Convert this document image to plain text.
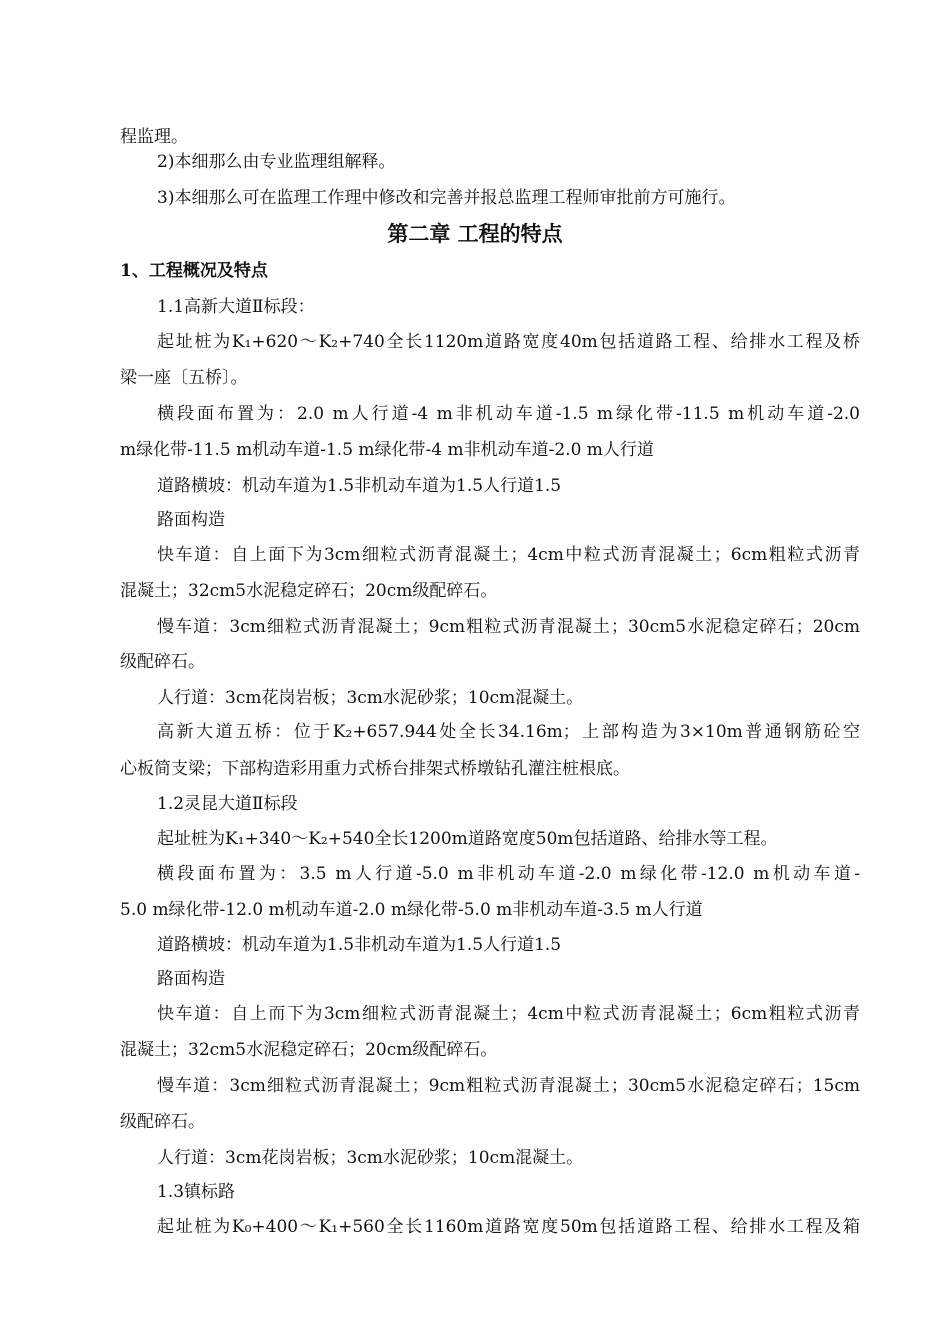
程监理。
2)本细那么由专业监理组解释。
3)本细那么可在监理工作理中修改和完善并报总监理工程师审批前方可施行。
第二章 工程的特点
1、工程概况及特点
1.1高新大道Ⅱ标段：
起址桩为K₁+620～K₂+740全长1120m道路宽度40m包括道路工程、给排水工程及桥
梁一座〔五桥〕。
横段面布置为：2.0 m人行道-4 m非机动车道-1.5 m绿化带-11.5 m机动车道-2.0
m绿化带-11.5 m机动车道-1.5 m绿化带-4 m非机动车道-2.0 m人行道
道路横坡：机动车道为1.5非机动车道为1.5人行道1.5
路面构造
快车道：自上面下为3cm细粒式沥青混凝土；4cm中粒式沥青混凝土；6cm粗粒式沥青
混凝土；32cm5水泥稳定碎石；20cm级配碎石。
慢车道：3cm细粒式沥青混凝土；9cm粗粒式沥青混凝土；30cm5水泥稳定碎石；20cm
级配碎石。
人行道：3cm花岗岩板；3cm水泥砂浆；10cm混凝土。
高新大道五桥：位于K₂+657.944处全长34.16m；上部构造为3×10m普通钢筋砼空
心板简支梁；下部构造彩用重力式桥台排架式桥墩钻孔灌注桩根底。
1.2灵昆大道Ⅱ标段
起址桩为K₁+340～K₂+540全长1200m道路宽度50m包括道路、给排水等工程。
横段面布置为：3.5 m人行道-5.0 m非机动车道-2.0 m绿化带-12.0 m机动车道-
5.0 m绿化带-12.0 m机动车道-2.0 m绿化带-5.0 m非机动车道-3.5 m人行道
道路横坡：机动车道为1.5非机动车道为1.5人行道1.5
路面构造
快车道：自上而下为3cm细粒式沥青混凝土；4cm中粒式沥青混凝土；6cm粗粒式沥青
混凝土；32cm5水泥稳定碎石；20cm级配碎石。
慢车道：3cm细粒式沥青混凝土；9cm粗粒式沥青混凝土；30cm5水泥稳定碎石；15cm
级配碎石。
人行道：3cm花岗岩板；3cm水泥砂浆；10cm混凝土。
1.3镇标路
起址桩为K₀+400～K₁+560全长1160m道路宽度50m包括道路工程、给排水工程及箱
